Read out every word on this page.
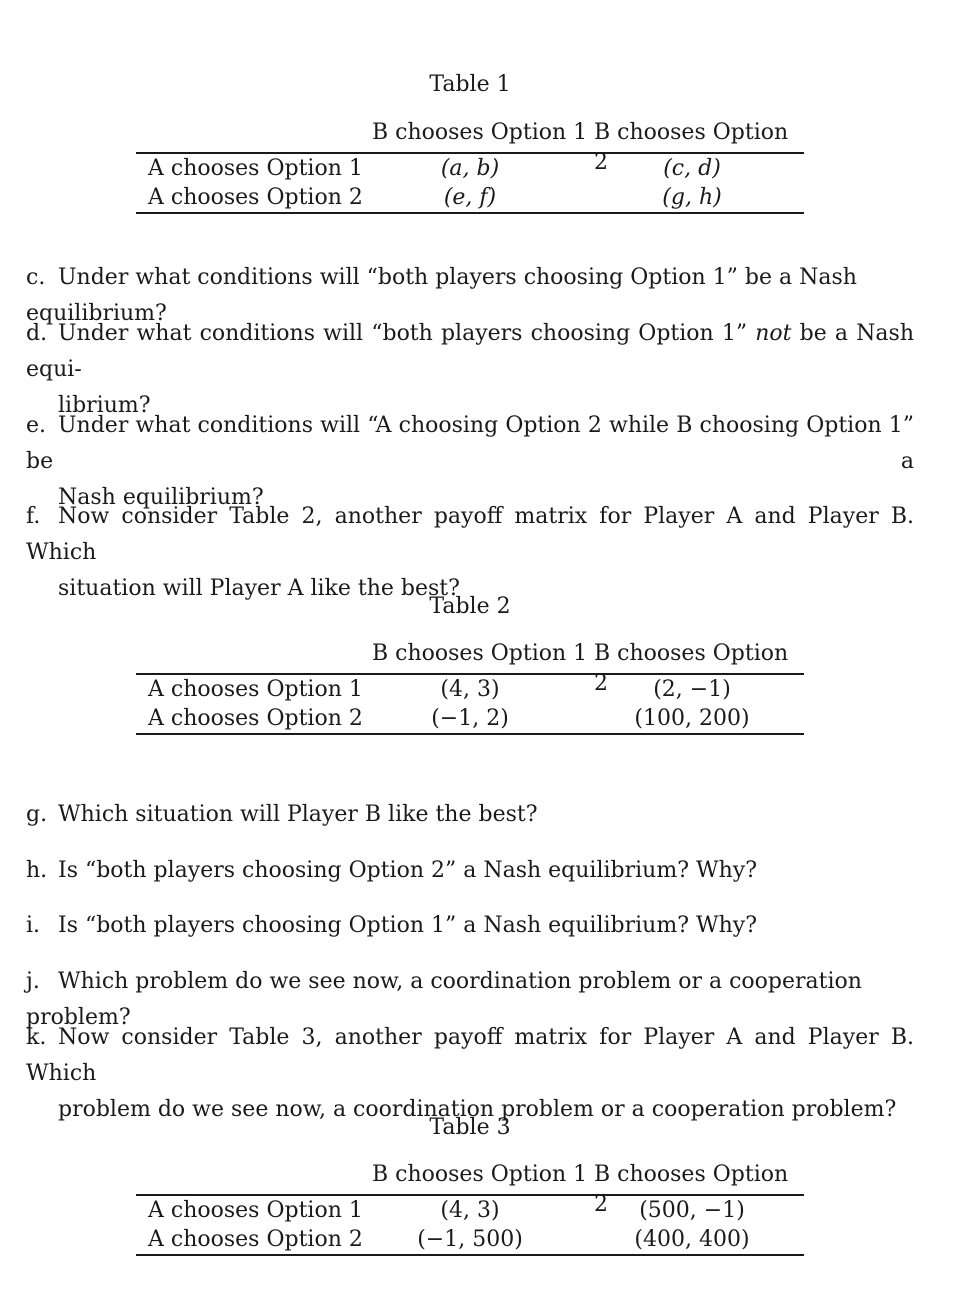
Table 1
B chooses Option 1 B chooses Option 2
A chooses Option 1	(a, b)	(c, d)
A chooses Option 2	(e, f)	(g, h)
c. Under what conditions will “both players choosing Option 1” be a Nash equilibrium?
d. Under what conditions will “both players choosing Option 1” not be a Nash equi-
librium?
e. Under what conditions will “A choosing Option 2 while B choosing Option 1” be a
Nash equilibrium?
f. Now consider Table 2, another payoff matrix for Player A and Player B. Which
situation will Player A like the best?
Table 2
B chooses Option 1 B chooses Option 2
A chooses Option 1	(4, 3)	(2, −1)
A chooses Option 2	(−1, 2)	(100, 200)
g. Which situation will Player B like the best?
h. Is “both players choosing Option 2” a Nash equilibrium? Why?
i. Is “both players choosing Option 1” a Nash equilibrium? Why?
j. Which problem do we see now, a coordination problem or a cooperation problem?
k. Now consider Table 3, another payoff matrix for Player A and Player B. Which
problem do we see now, a coordination problem or a cooperation problem?
Table 3
B chooses Option 1 B chooses Option 2
A chooses Option 1	(4, 3)	(500, −1)
A chooses Option 2	(−1, 500)	(400, 400)
